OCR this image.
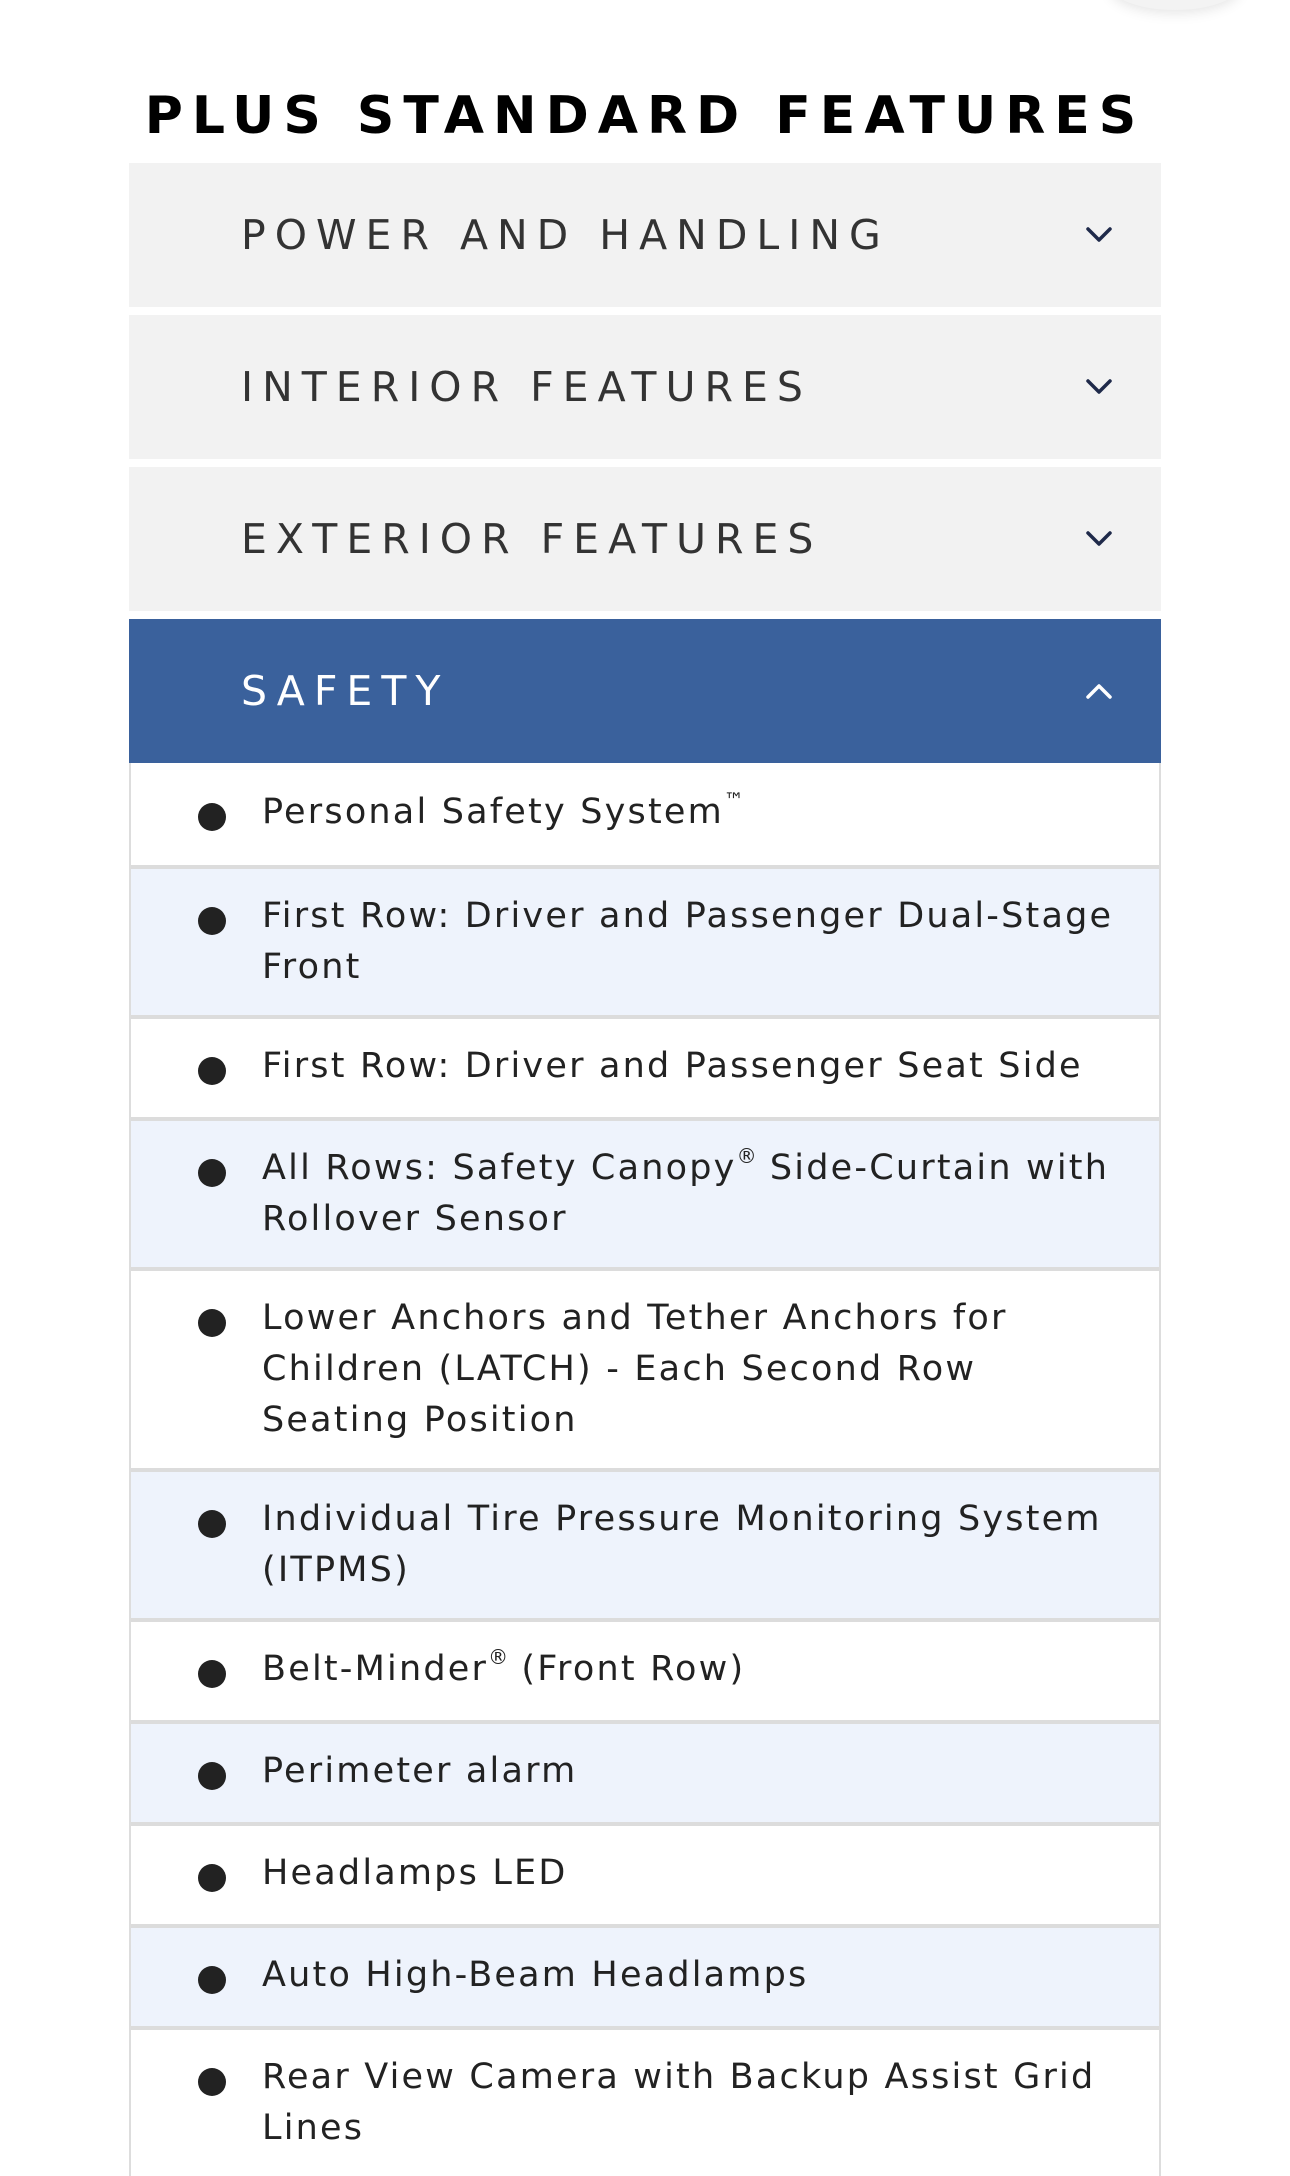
PLUS STANDARD FEATURES
POWER AND HANDLING
INTERIOR FEATURES
EXTERIOR FEATURES
SAFETY
Personal Safety System™
First Row: Driver and Passenger Dual-Stage Front
First Row: Driver and Passenger Seat Side
All Rows: Safety Canopy® Side-Curtain with Rollover Sensor
Lower Anchors and Tether Anchors for Children (LATCH) - Each Second Row Seating Position
Individual Tire Pressure Monitoring System (ITPMS)
Belt-Minder® (Front Row)
Perimeter alarm
Headlamps LED
Auto High-Beam Headlamps
Rear View Camera with Backup Assist Grid Lines
